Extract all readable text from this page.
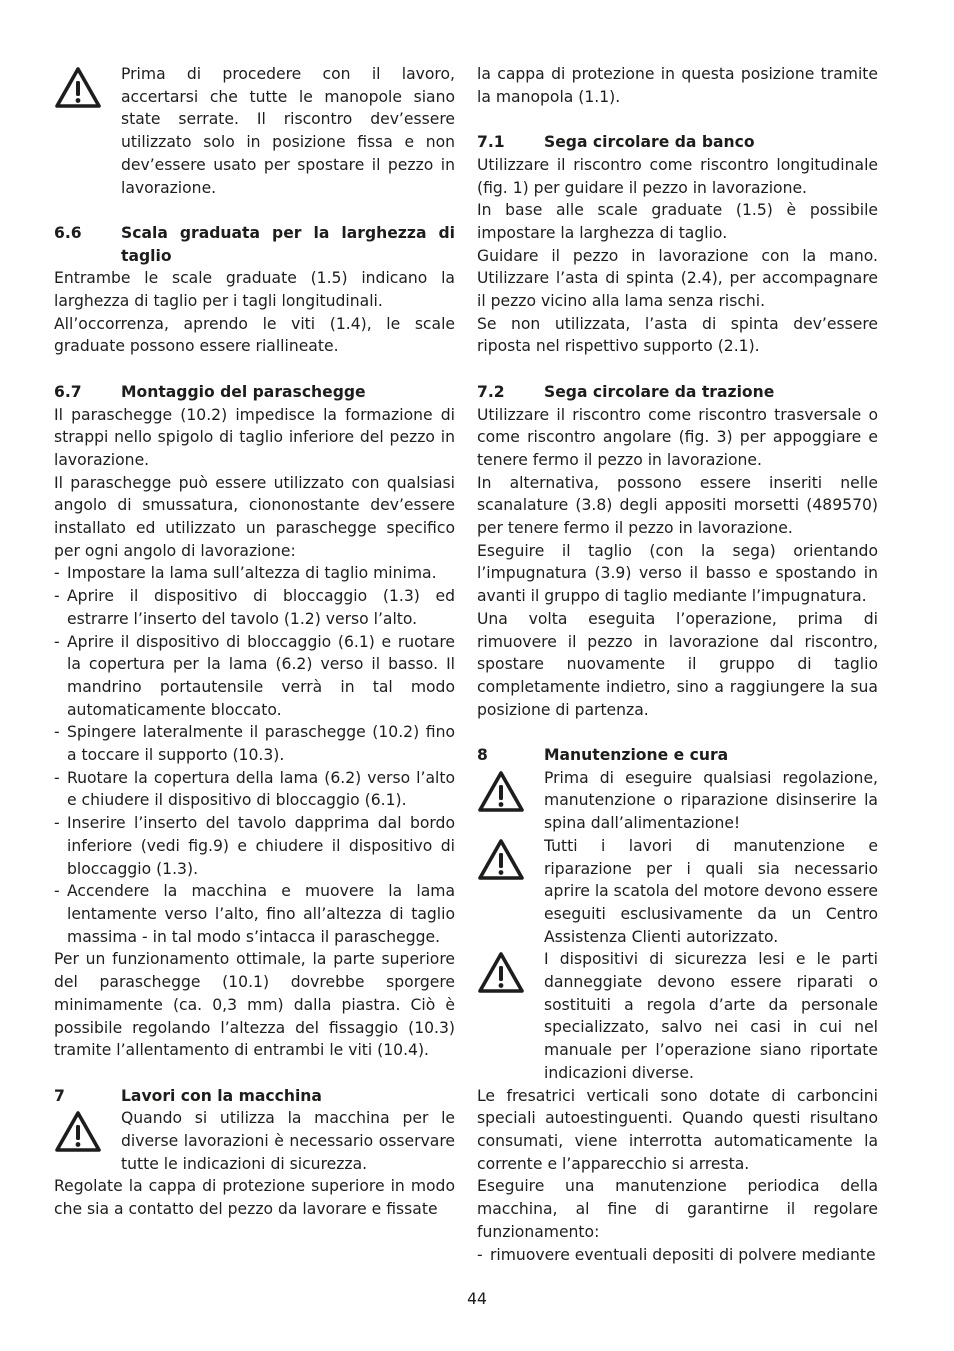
Prima di procedere con il lavoro, accertarsi che tutte le manopole siano state serrate. Il riscontro dev’essere utilizzato solo in posizione fissa e non dev’essere usato per spostare il pezzo in lavorazione.

6.6	Scala graduata per la larghezza di taglio

Entrambe le scale graduate (1.5) indicano la larghezza di taglio per i tagli longitudinali.

All’occorrenza, aprendo le viti (1.4), le scale graduate possono essere riallineate.

6.7	Montaggio del paraschegge

Il paraschegge (10.2) impedisce la formazione di strappi nello spigolo di taglio inferiore del pezzo in lavorazione.

Il paraschegge può essere utilizzato con qualsiasi angolo di smussatura, ciononostante dev’essere installato ed utilizzato un paraschegge specifico per ogni angolo di lavorazione:

- Impostare la lama sull’altezza di taglio minima.
- Aprire il dispositivo di bloccaggio (1.3) ed estrarre l’inserto del tavolo (1.2) verso l’alto.
- Aprire il dispositivo di bloccaggio (6.1) e ruotare la copertura per la lama (6.2) verso il basso. Il mandrino portautensile verrà in tal modo automaticamente bloccato.
- Spingere lateralmente il paraschegge (10.2) fino a toccare il supporto (10.3).
- Ruotare la copertura della lama (6.2) verso l’alto e chiudere il dispositivo di bloccaggio (6.1).
- Inserire l’inserto del tavolo dapprima dal bordo inferiore (vedi fig.9) e chiudere il dispositivo di bloccaggio (1.3).
- Accendere la macchina e muovere la lama lentamente verso l’alto, fino all’altezza di taglio massima - in tal modo s’intacca il paraschegge.

Per un funzionamento ottimale, la parte superiore del paraschegge (10.1) dovrebbe sporgere minimamente (ca. 0,3 mm) dalla piastra. Ciò è possibile regolando l’altezza del fissaggio (10.3) tramite l’allentamento di entrambi le viti (10.4).

7	Lavori con la macchina

Quando si utilizza la macchina per le diverse lavorazioni è necessario osservare tutte le indicazioni di sicurezza.

Regolate la cappa di protezione superiore in modo che sia a contatto del pezzo da lavorare e fissate

la cappa di protezione in questa posizione tramite la manopola (1.1).

7.1	Sega circolare da banco

Utilizzare il riscontro come riscontro longitudinale (fig. 1) per guidare il pezzo in lavorazione.

In base alle scale graduate (1.5) è possibile impostare la larghezza di taglio.

Guidare il pezzo in lavorazione con la mano. Utilizzare l’asta di spinta (2.4), per accompagnare il pezzo vicino alla lama senza rischi.

Se non utilizzata, l’asta di spinta dev’essere riposta nel rispettivo supporto (2.1).

7.2	Sega circolare da trazione

Utilizzare il riscontro come riscontro trasversale o come riscontro angolare (fig. 3) per appoggiare e tenere fermo il pezzo in lavorazione.

In alternativa, possono essere inseriti nelle scanalature (3.8) degli appositi morsetti (489570) per tenere fermo il pezzo in lavorazione.

Eseguire il taglio (con la sega) orientando l’impugnatura (3.9) verso il basso e spostando in avanti il gruppo di taglio mediante l’impugnatura.

Una volta eseguita l’operazione, prima di rimuovere il pezzo in lavorazione dal riscontro, spostare nuovamente il gruppo di taglio completamente indietro, sino a raggiungere la sua posizione di partenza.

8	Manutenzione e cura

Prima di eseguire qualsiasi regolazione, manutenzione o riparazione disinserire la spina dall’alimentazione!

Tutti i lavori di manutenzione e riparazione per i quali sia necessario aprire la scatola del motore devono essere eseguiti esclusivamente da un Centro Assistenza Clienti autorizzato.

I dispositivi di sicurezza lesi e le parti danneggiate devono essere riparati o sostituiti a regola d’arte da personale specializzato, salvo nei casi in cui nel manuale per l’operazione siano riportate indicazioni diverse.

Le fresatrici verticali sono dotate di carboncini speciali autoestinguenti. Quando questi risultano consumati, viene interrotta automaticamente la corrente e l’apparecchio si arresta.

Eseguire una manutenzione periodica della macchina, al fine di garantirne il regolare funzionamento:

- rimuovere eventuali depositi di polvere mediante
44
